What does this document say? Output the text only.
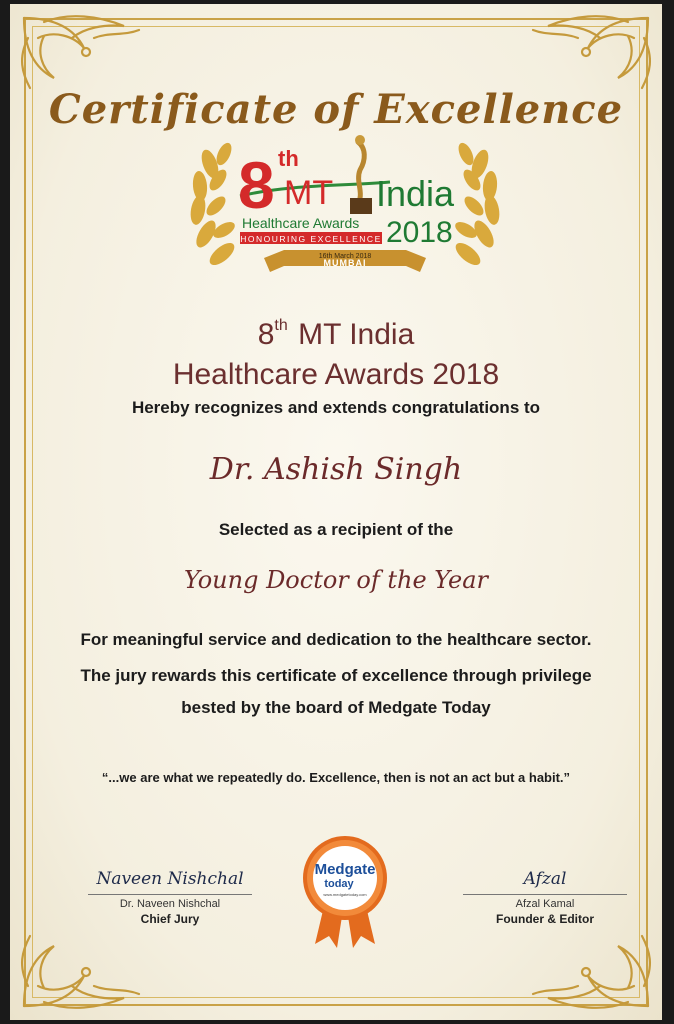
Certificate of Excellence
8 th
MT India
Healthcare Awards
HONOURING EXCELLENCE 2018
16th March 2018
MUMBAI
8th MT India
Healthcare Awards 2018
Hereby recognizes and extends congratulations to
Dr. Ashish Singh
Selected as a recipient of the
Young Doctor of the Year
For meaningful service and dedication to the healthcare sector.
The jury rewards this certificate of excellence through privilege
bested by the board of Medgate Today
“...we are what we repeatedly do. Excellence, then is not an act but a habit.”
Naveen Nishchal
Dr. Naveen Nishchal
Chief Jury
Afzal
Afzal Kamal
Founder & Editor
Medgate
today
www.medgatetoday.com
